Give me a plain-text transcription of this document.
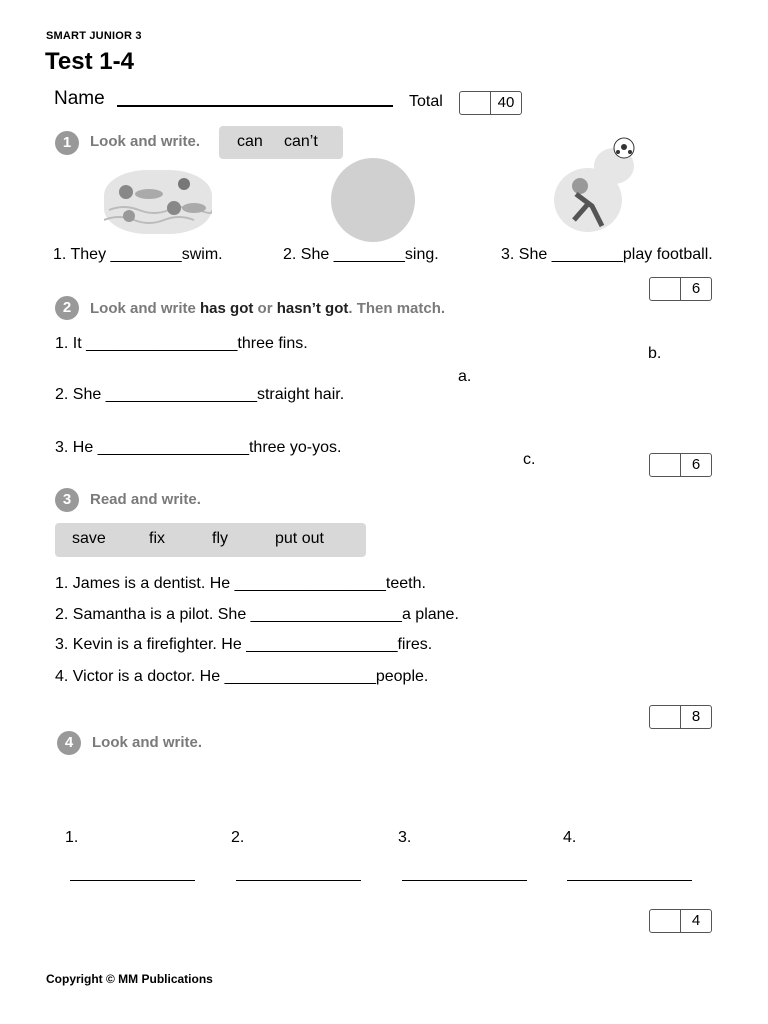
SMART JUNIOR 3
Test 1-4
Name	Total	40
1	Look and write. can can’t
1. They ________swim.	2. She ________sing.	3. She ________play football.
6
2	Look and write has got or hasn’t got. Then match.
1. It _________________three fins.
2. She _________________straight hair.
3. He _________________three yo-yos.
a.
b.
c.	6
3	Read and write.
save	fix	fly	put out
1. James is a dentist. He _________________teeth.
2. Samantha is a pilot. She _________________a plane.
3. Kevin is a firefighter. He _________________fires.
4. Victor is a doctor. He _________________people.
8
4	Look and write.
1.	2.	3.	4.
4
Copyright © MM Publications
